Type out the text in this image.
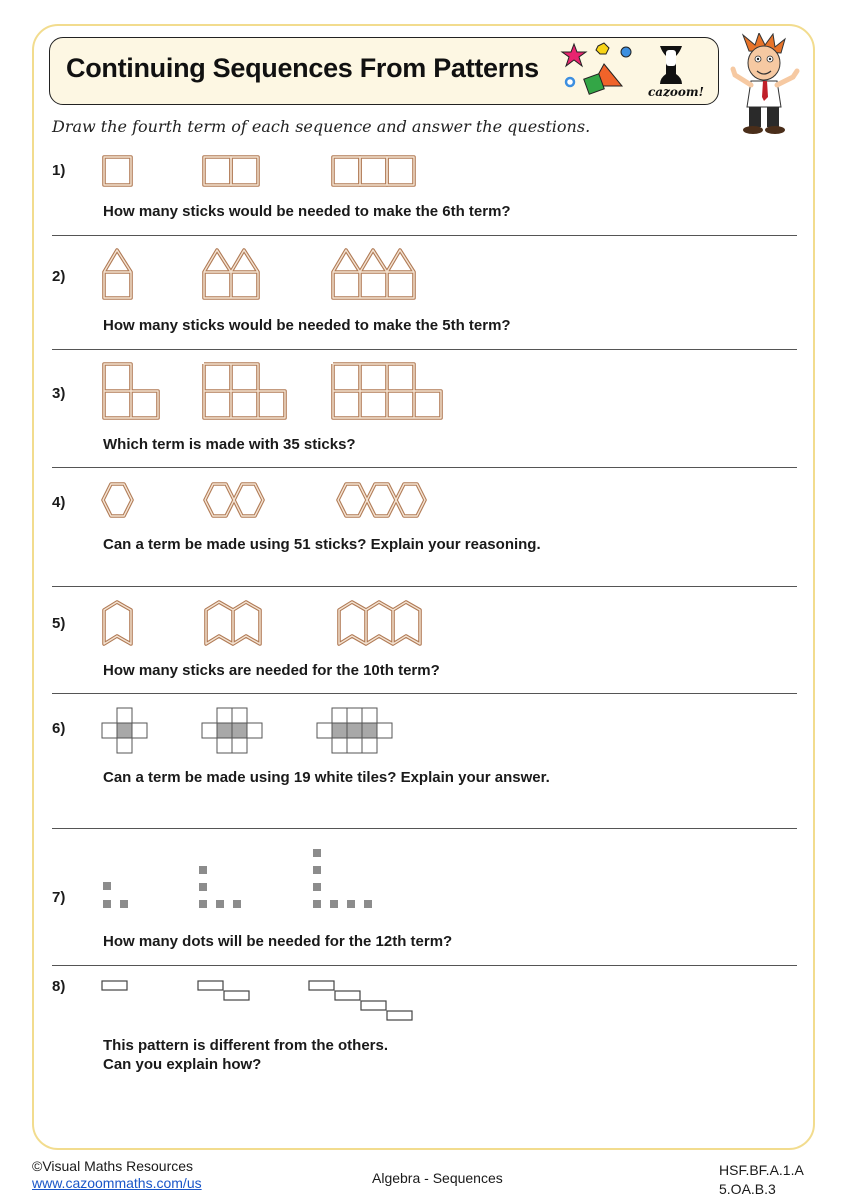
Continuing Sequences From Patterns
cazoom!
Draw the fourth term of each sequence and answer the questions.
1)
How many sticks would be needed to make the 6th term?
2)
How many sticks would be needed to make the 5th term?
3)
Which term is made with 35 sticks?
4)
Can a term be made using 51 sticks? Explain your reasoning.
5)
How many sticks are needed for the 10th term?
6)
Can a term be made using 19 white tiles? Explain your answer.
7)
How many dots will be needed for the 12th term?
8)
This pattern is different from the others.
Can you explain how?
©Visual Maths Resources
www.cazoommaths.com/us	Algebra - Sequences	HSF.BF.A.1.A
5.OA.B.3
